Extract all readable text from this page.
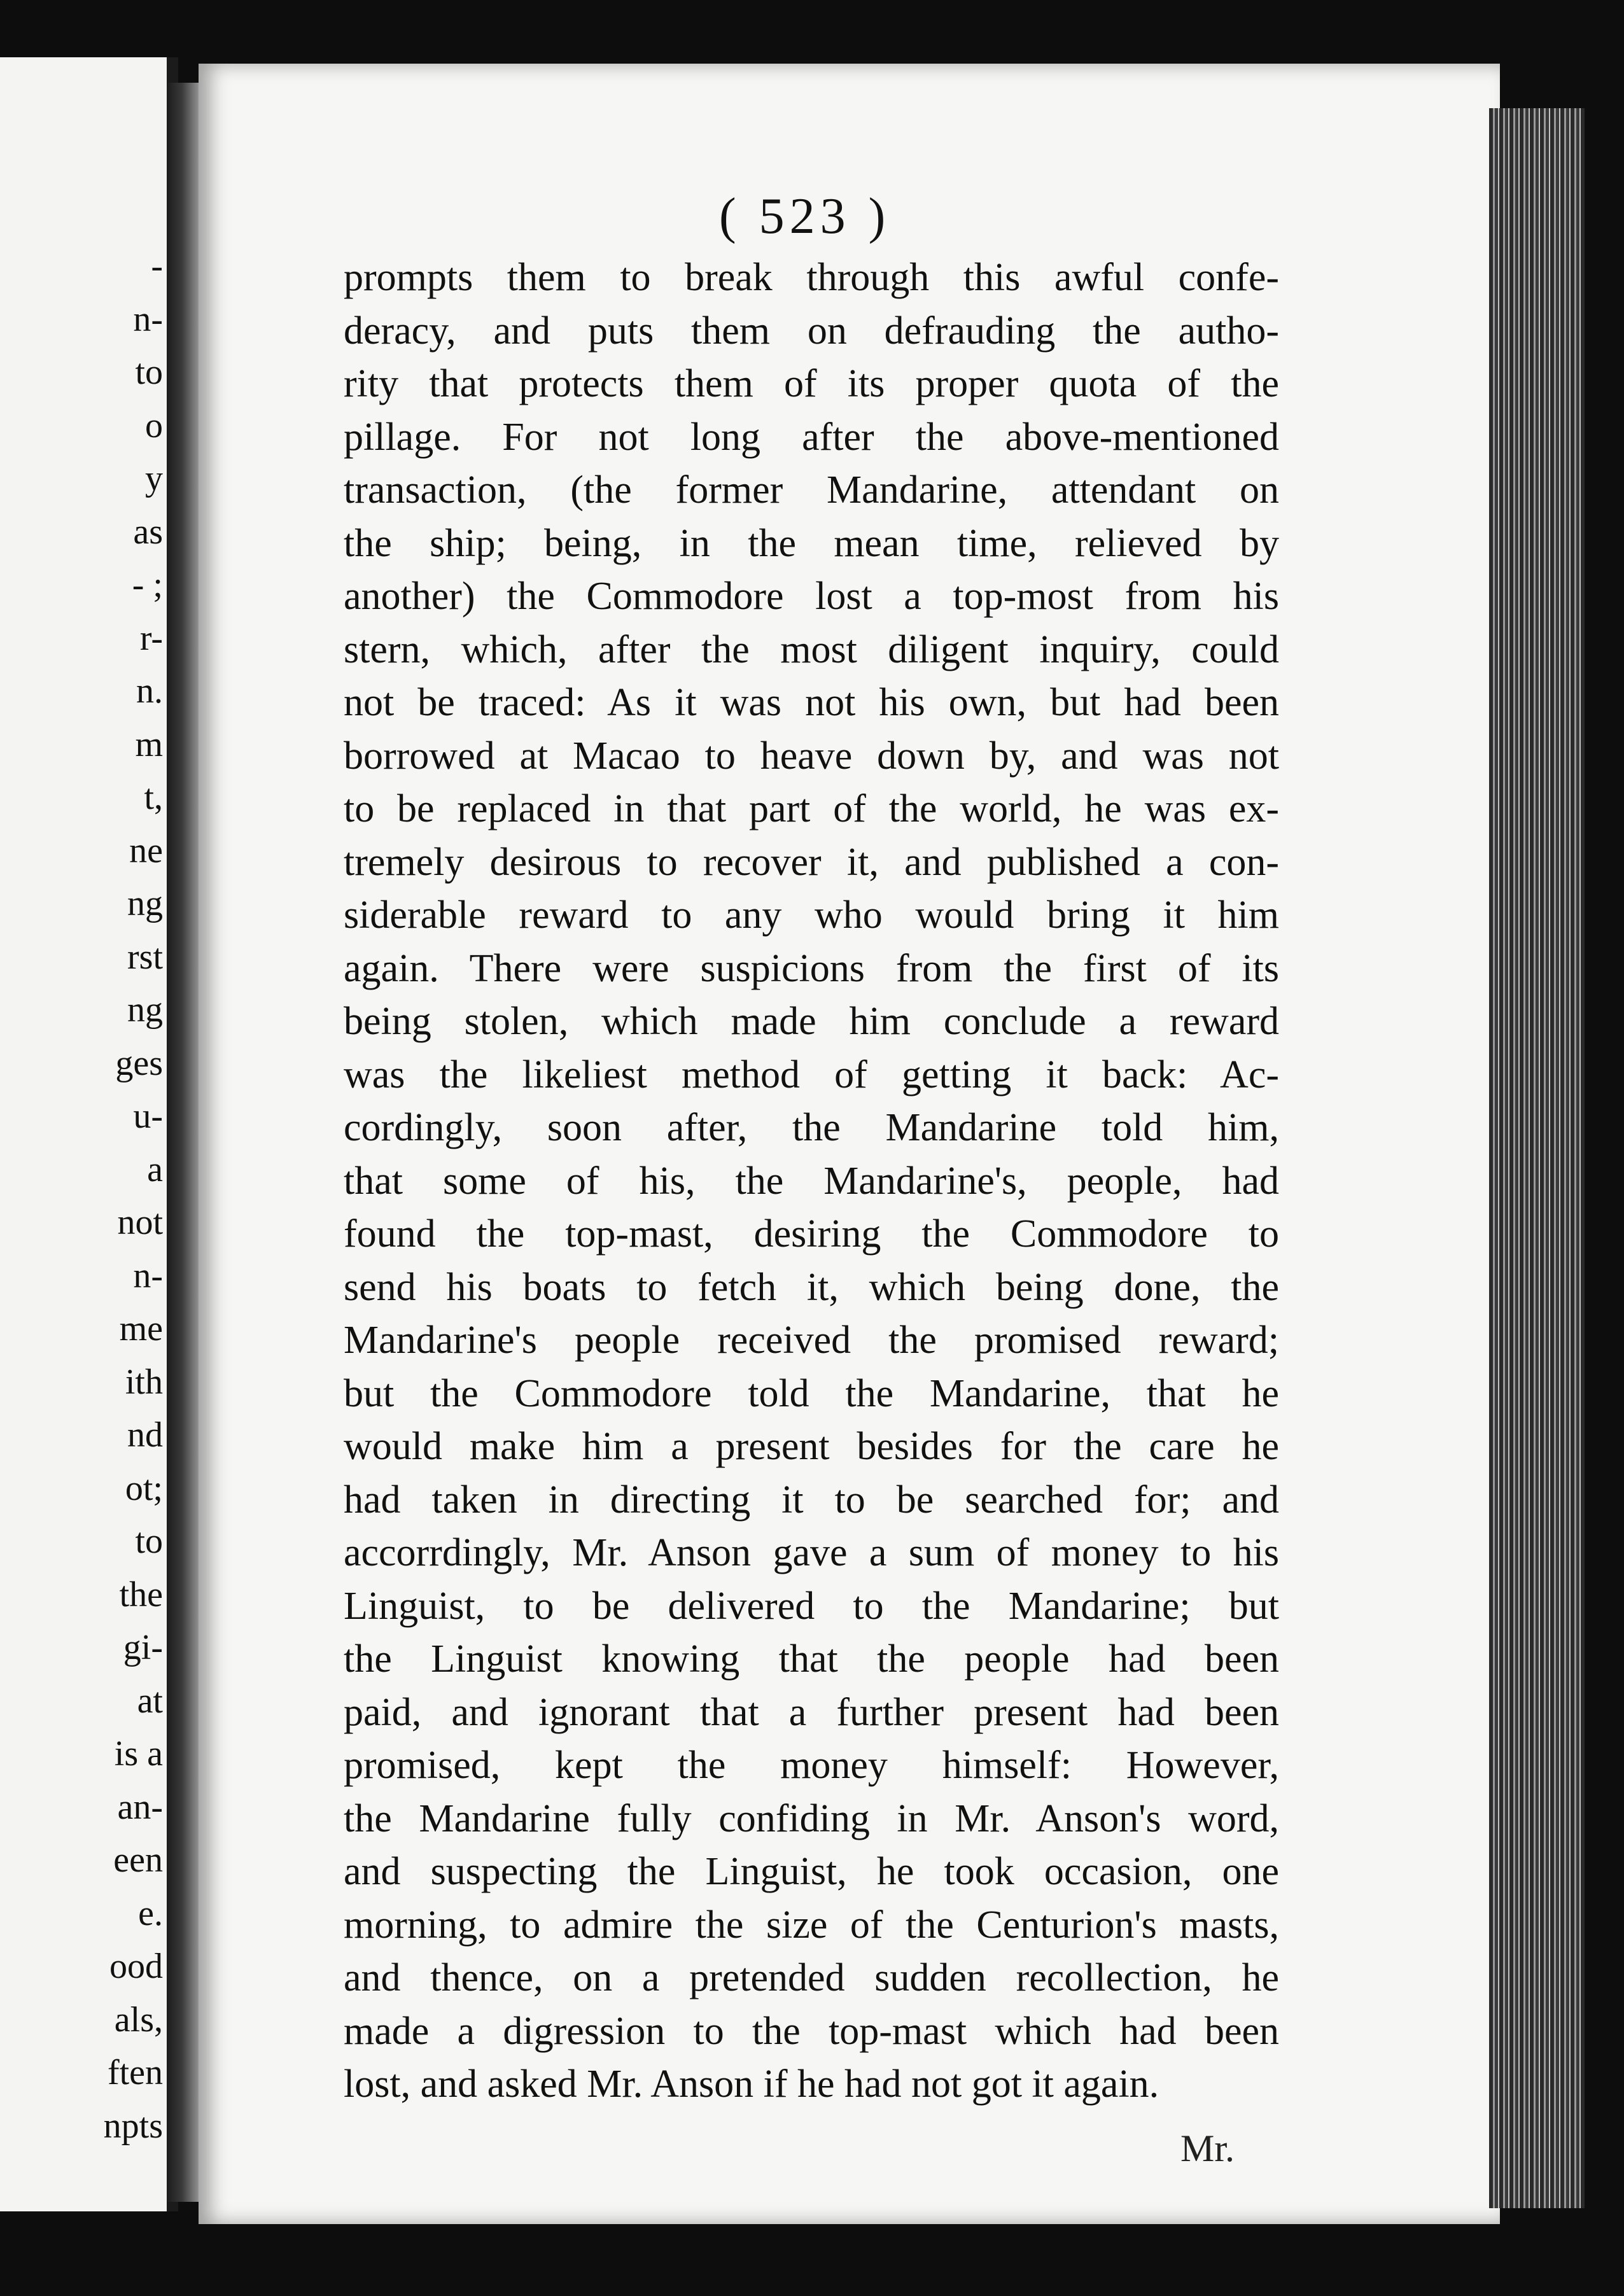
-
n-
to
o
y
as
- ;
r-
n.
m
t,
ne
ng
rst
ng
ges
u-
a
not
n-
me
ith
nd
ot;
to
the
gi-
at
is a
an-
een
e.
ood
als,
ften
npts
( 523 )
prompts them to break through this awful confe-
deracy, and puts them on defrauding the autho-
rity that protects them of its proper quota of the
pillage. For not long after the above-mentioned
transaction, (the former Mandarine, attendant on
the ship; being, in the mean time, relieved by
another) the Commodore lost a top-most from his
stern, which, after the most diligent inquiry, could
not be traced: As it was not his own, but had been
borrowed at Macao to heave down by, and was not
to be replaced in that part of the world, he was ex-
tremely desirous to recover it, and published a con-
siderable reward to any who would bring it him
again. There were suspicions from the first of its
being stolen, which made him conclude a reward
was the likeliest method of getting it back: Ac-
cordingly, soon after, the Mandarine told him,
that some of his, the Mandarine's, people, had
found the top-mast, desiring the Commodore to
send his boats to fetch it, which being done, the
Mandarine's people received the promised reward;
but the Commodore told the Mandarine, that he
would make him a present besides for the care he
had taken in directing it to be searched for; and
accorrdingly, Mr. Anson gave a sum of money to his
Linguist, to be delivered to the Mandarine; but
the Linguist knowing that the people had been
paid, and ignorant that a further present had been
promised, kept the money himself: However,
the Mandarine fully confiding in Mr. Anson's word,
and suspecting the Linguist, he took occasion, one
morning, to admire the size of the Centurion's masts,
and thence, on a pretended sudden recollection, he
made a digression to the top-mast which had been
lost, and asked Mr. Anson if he had not got it again.
Mr.
